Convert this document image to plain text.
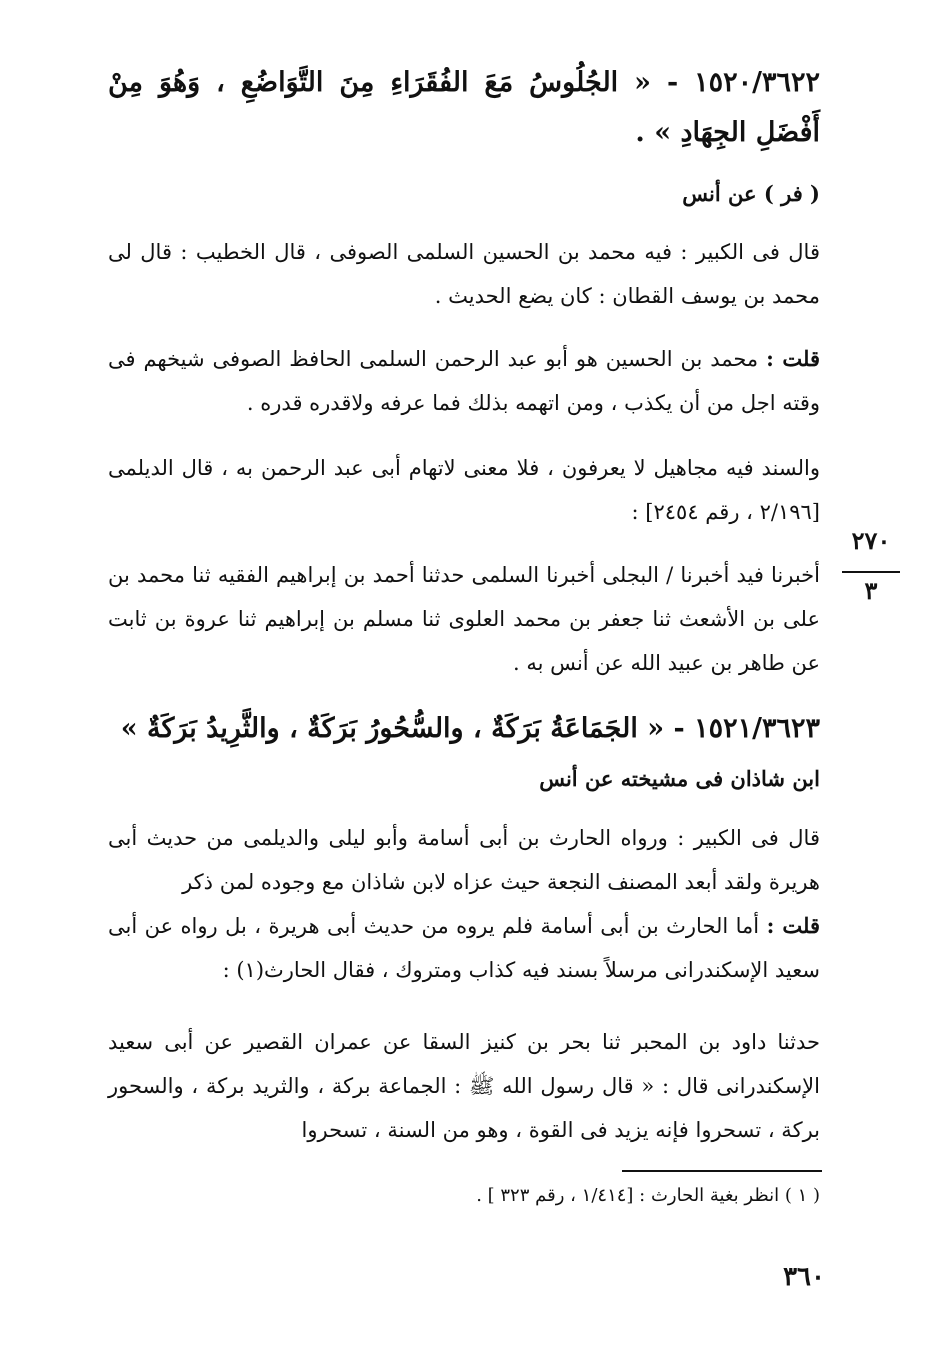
١٥٢٠/٣٦٢٢ - « الجُلُوسُ مَعَ الفُقَرَاءِ مِنَ التَّوَاضُعِ ، وَهُوَ مِنْ أَفْضَلِ الجِهَادِ » .

( فر ) عن أنس

قال فى الكبير : فيه محمد بن الحسين السلمى الصوفى ، قال الخطيب : قال لى محمد بن يوسف القطان : كان يضع الحديث .

قلت : محمد بن الحسين هو أبو عبد الرحمن السلمى الحافظ الصوفى شيخهم فى وقته اجل من أن يكذب ، ومن اتهمه بذلك فما عرفه ولاقدره قدره .

والسند فيه مجاهيل لا يعرفون ، فلا معنى لاتهام أبى عبد الرحمن به ، قال الديلمى [٢/١٩٦ ، رقم ٢٤٥٤] :

٢٧٠
٣

أخبرنا فيد أخبرنا / البجلى أخبرنا السلمى حدثنا أحمد بن إبراهيم الفقيه ثنا محمد بن على بن الأشعث ثنا جعفر بن محمد العلوى ثنا مسلم بن إبراهيم ثنا عروة بن ثابت عن طاهر بن عبيد الله عن أنس به .

١٥٢١/٣٦٢٣ - « الجَمَاعَةُ بَرَكَةٌ ، والسُّحُورُ بَرَكَةٌ ، والثَّرِيدُ بَرَكَةٌ »

ابن شاذان فى مشيخته عن أنس

قال فى الكبير : ورواه الحارث بن أبى أسامة وأبو ليلى والديلمى من حديث أبى هريرة ولقد أبعد المصنف النجعة حيث عزاه لابن شاذان مع وجوده لمن ذكر

قلت : أما الحارث بن أبى أسامة فلم يروه من حديث أبى هريرة ، بل رواه عن أبى سعيد الإسكندرانى مرسلاً بسند فيه كذاب ومتروك ، فقال الحارث(١) :

حدثنا داود بن المحبر ثنا بحر بن كنيز السقا عن عمران القصير عن أبى سعيد الإسكندرانى قال : « قال رسول الله ﷺ : الجماعة بركة ، والثريد بركة ، والسحور بركة ، تسحروا فإنه يزيد فى القوة ، وهو من السنة ، تسحروا

( ١ ) انظر بغية الحارث : [١/٤١٤ ، رقم ٣٢٣ ] .

٣٦٠
